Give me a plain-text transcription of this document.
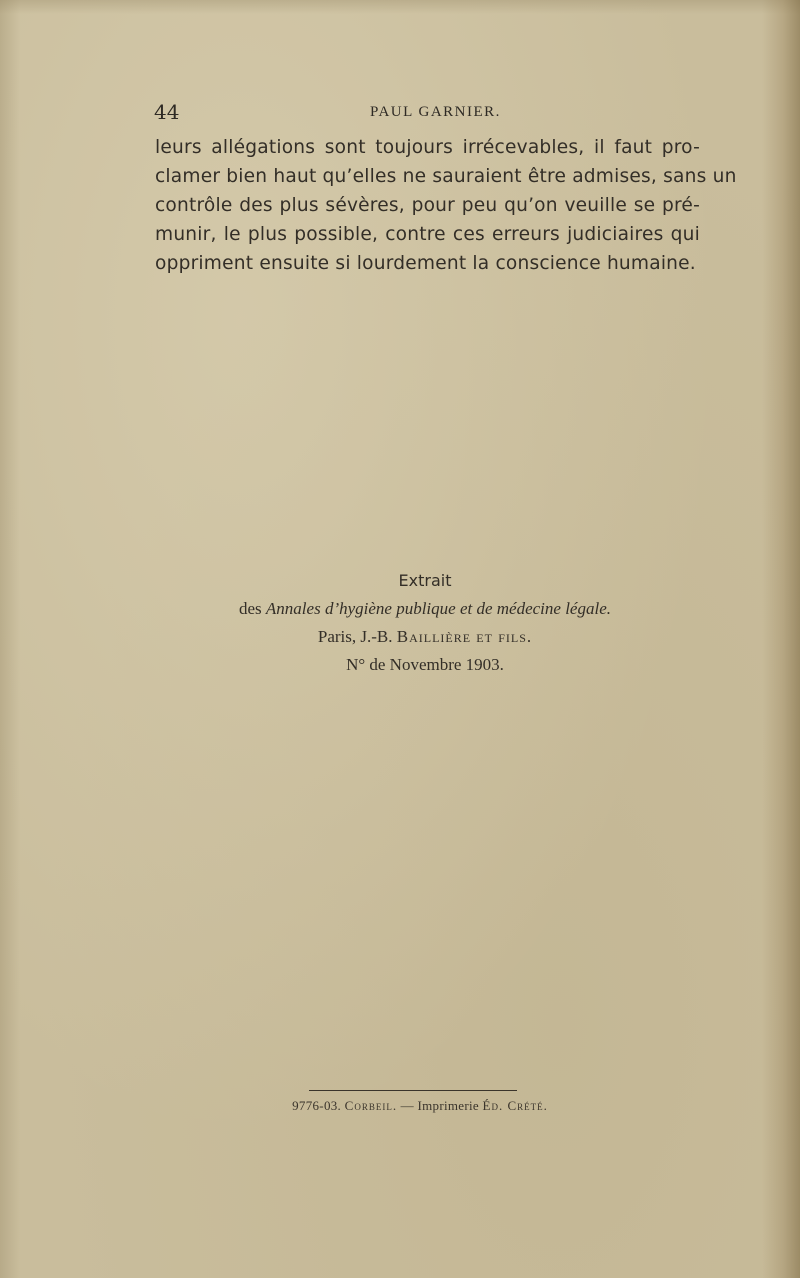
44	PAUL GARNIER.
leurs allégations sont toujours irrécevables, il faut pro-
clamer bien haut qu’elles ne sauraient être admises, sans un
contrôle des plus sévères, pour peu qu’on veuille se pré-
munir, le plus possible, contre ces erreurs judiciaires qui
oppriment ensuite si lourdement la conscience humaine.
Extrait
des Annales d’hygiène publique et de médecine légale.
Paris, J.-B. Baillière et fils.
N° de Novembre 1903.
9776-03. Corbeil. — Imprimerie Éd. Crété.
